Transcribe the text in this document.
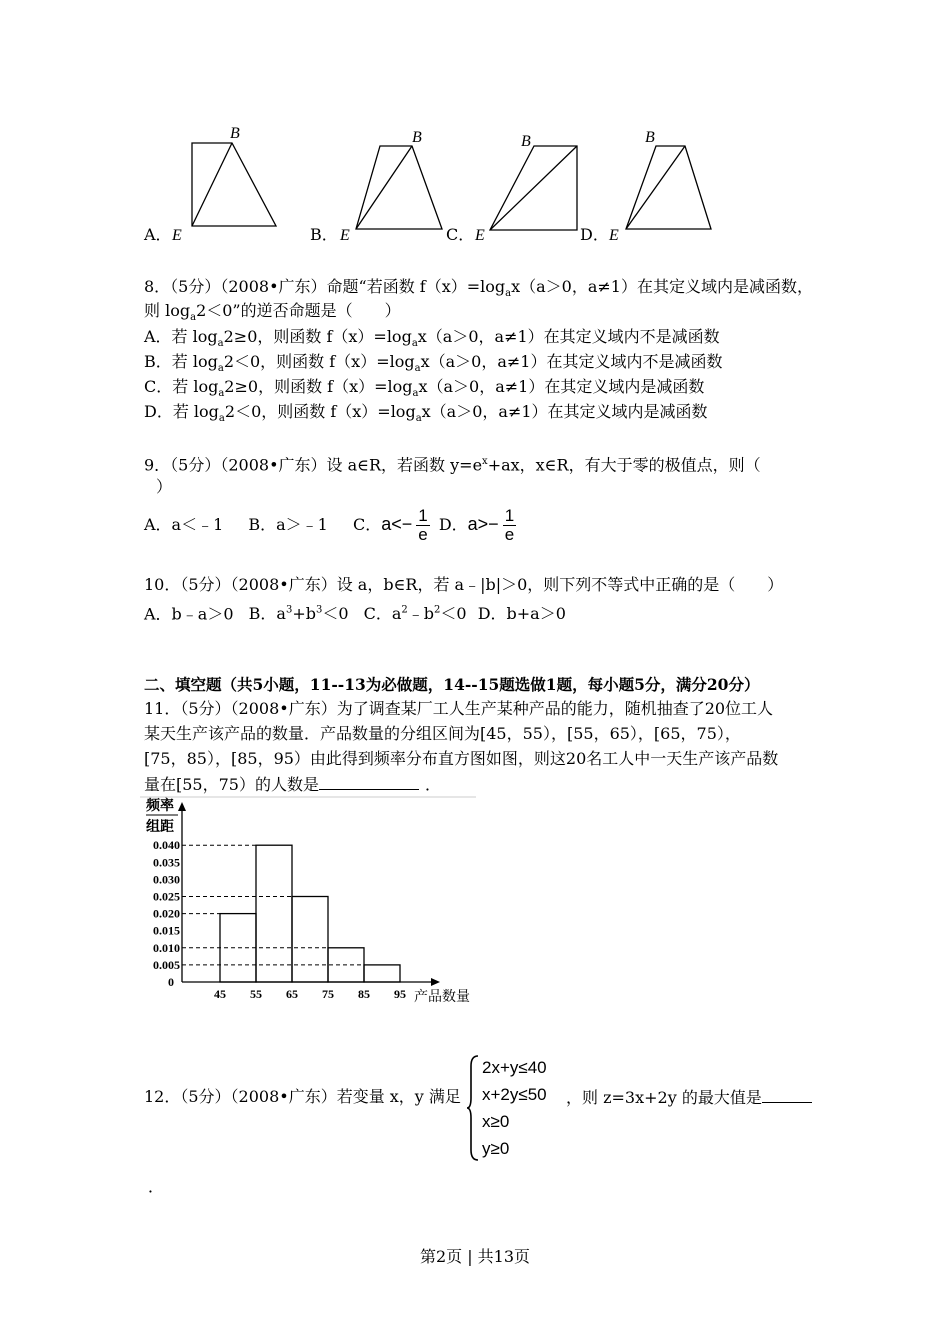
B
E
B
E
B
E
B
E
A．	B．	C．	D．
8．（5分）（2008•广东）命题“若函数 $f(x)=\log_ax(a>0$，a≠1）在其定义域内是减函数，
则 $\log_a2<0$”的逆否命题是（　　）
A．若 $\log_a2\ge 0$，则函数 $f(x)=\log_ax(a>0$，a≠1）在其定义域内不是减函数
B．若 $\log_a2<0$，则函数 $f(x)=\log_ax(a>0$，a≠1）在其定义域内不是减函数
C．若 $\log_a2\ge 0$，则函数 $f(x)=\log_ax(a>0$，a≠1）在其定义域内是减函数
D．若 $\log_a2<0$，则函数 $f(x)=\log_ax(a>0$，a≠1）在其定义域内是减函数
9．（5分）（2008•广东）设 a∈R，若函数 $y=e^x+ax$，x∈R，有大于零的极值点，则（
）
A．a＜﹣1 B．a＞﹣1 C．$a<- \frac{1}{e}$ D．$a>- \frac{1}{e}$
10．（5分）（2008•广东）设 a，b∈R，若 a﹣|b|＞0，则下列不等式中正确的是（　　）
A．b﹣a＞0 B．$a^3+b^3<0$ C．$a^2﹣b^2<0$ D．b+a＞0
二、填空题（共5小题，11--13为必做题，14--15题选做1题，每小题5分，满分20分）
11．（5分）（2008•广东）为了调查某厂工人生产某种产品的能力，随机抽查了20位工人
某天生产该产品的数量．产品数量的分组区间为[45，55），[55，65），[65，75），
[75，85），[85，95）由此得到频率分布直方图如图，则这20名工人中一天生产该产品数
量在[55，75）的人数是	．
0.005
0.010
0.015
0.020
0.025
0.030
0.035
0.040
45 55 65 75 85 95
频率
组距
产品数量
0
12．（5分）（2008•广东）若变量 x，y 满足
2x+y≤40
x+2y≤50
x≥0
y≥0
，则 z=3x+2y 的最大值是
．
第2页 | 共13页
